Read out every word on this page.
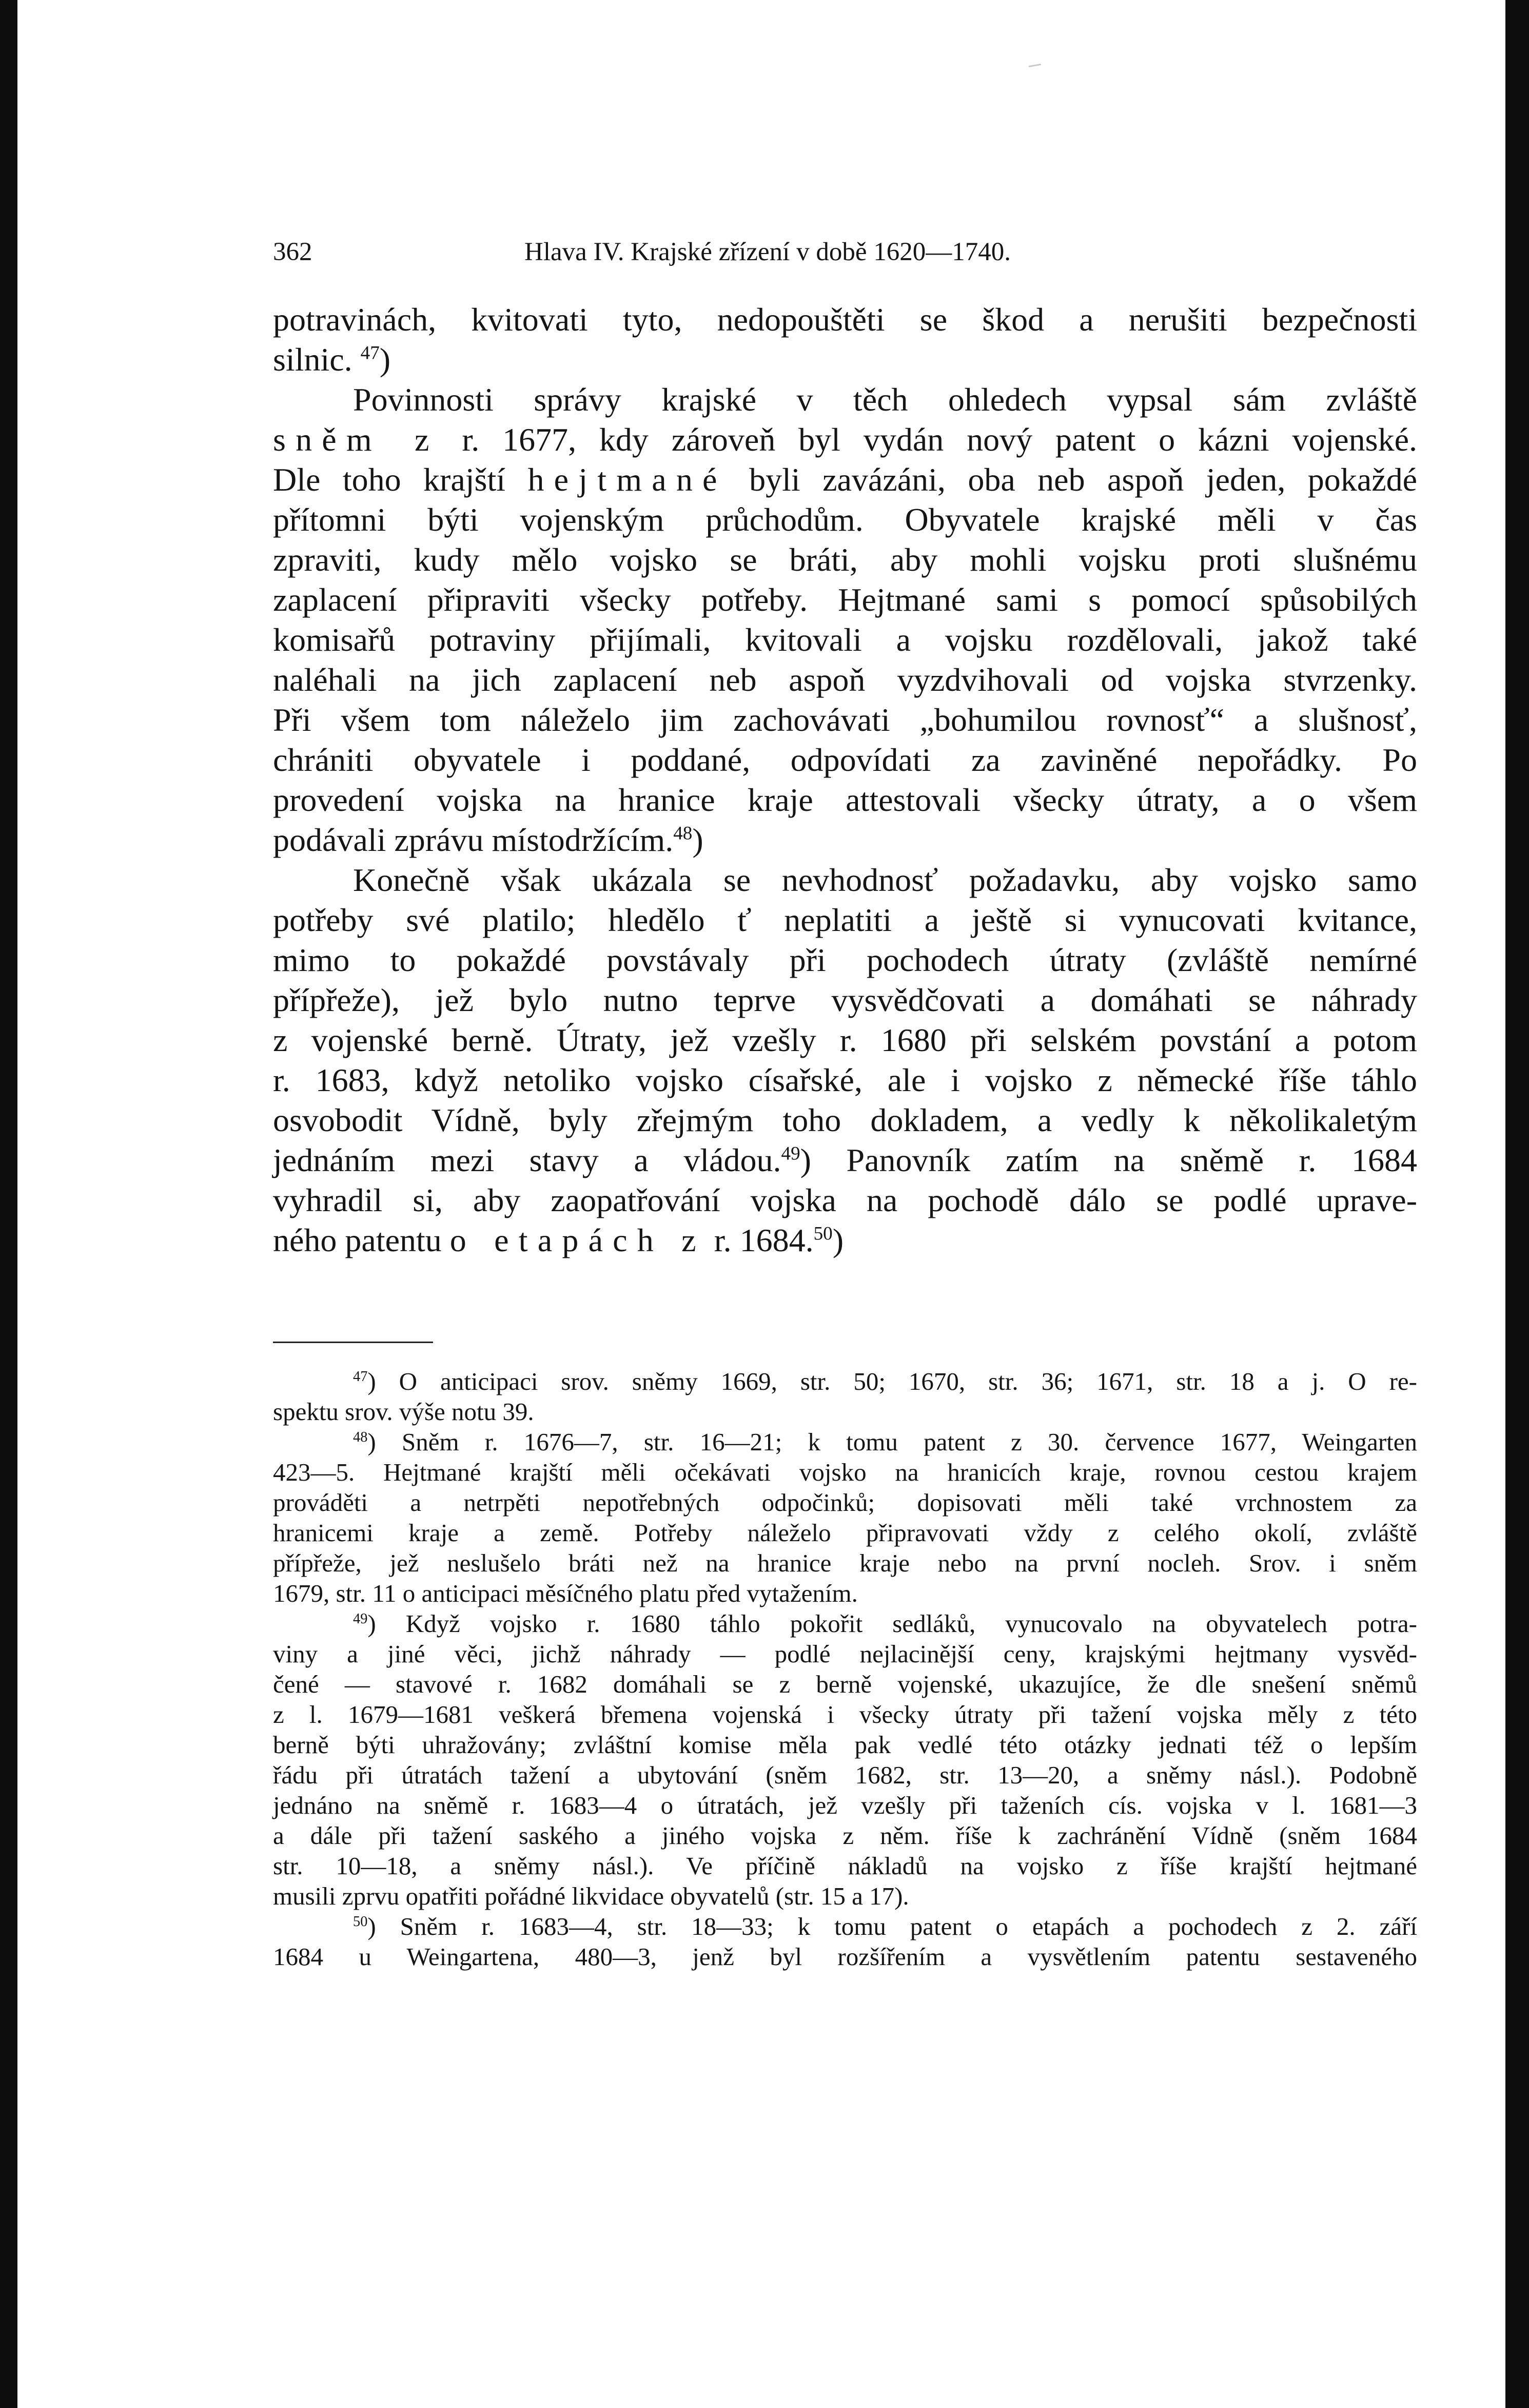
362	Hlava IV. Krajské zřízení v době 1620—1740.
potravinách, kvitovati tyto, nedopouštěti se škod a nerušiti bezpečnosti
silnic. $^{47}$)
Povinnosti správy krajské v těch ohledech vypsal sám zvláště
sněm z r. 1677, kdy zároveň byl vydán nový patent o kázni vojenské.
Dle toho krajští hejtmané byli zavázáni, oba neb aspoň jeden, pokaždé
přítomni býti vojenským průchodům. Obyvatele krajské měli v čas
zpraviti, kudy mělo vojsko se bráti, aby mohli vojsku proti slušnému
zaplacení připraviti všecky potřeby. Hejtmané sami s pomocí spůsobilých
komisařů potraviny přijímali, kvitovali a vojsku rozdělovali, jakož také
naléhali na jich zaplacení neb aspoň vyzdvihovali od vojska stvrzenky.
Při všem tom náleželo jim zachovávati „bohumilou rovnosť“ a slušnosť,
chrániti obyvatele i poddané, odpovídati za zaviněné nepořádky. Po
provedení vojska na hranice kraje attestovali všecky útraty, a o všem
podávali zprávu místodržícím.$^{48}$)
Konečně však ukázala se nevhodnosť požadavku, aby vojsko samo
potřeby své platilo; hledělo ť neplatiti a ještě si vynucovati kvitance,
mimo to pokaždé povstávaly při pochodech útraty (zvláště nemírné
přípřeže), jež bylo nutno teprve vysvědčovati a domáhati se náhrady
z vojenské berně. Útraty, jež vzešly r. 1680 při selském povstání a potom
r. 1683, když netoliko vojsko císařské, ale i vojsko z německé říše táhlo
osvobodit Vídně, byly zřejmým toho dokladem, a vedly k několikaletým
jednáním mezi stavy a vládou.$^{49}$) Panovník zatím na sněmě r. 1684
vyhradil si, aby zaopatřování vojska na pochodě dálo se podlé uprave-
ného patentu o etapách z r. 1684.50)
$^{47}$) O anticipaci srov. sněmy 1669, str. 50; 1670, str. 36; 1671, str. 18 a j. O re-
spektu srov. výše notu 39.
$^{48}$) Sněm r. 1676—7, str. 16—21; k tomu patent z 30. července 1677, Weingarten
423—5. Hejtmané krajští měli očekávati vojsko na hranicích kraje, rovnou cestou krajem
prováděti a netrpěti nepotřebných odpočinků; dopisovati měli také vrchnostem za
hranicemi kraje a země. Potřeby náleželo připravovati vždy z celého okolí, zvláště
přípřeže, jež neslušelo bráti než na hranice kraje nebo na první nocleh. Srov. i sněm
1679, str. 11 o anticipaci měsíčného platu před vytažením.
$^{49}$) Když vojsko r. 1680 táhlo pokořit sedláků, vynucovalo na obyvatelech potra-
viny a jiné věci, jichž náhrady — podlé nejlacinější ceny, krajskými hejtmany vysvěd-
čené — stavové r. 1682 domáhali se z berně vojenské, ukazujíce, že dle snešení sněmů
z l. 1679—1681 veškerá břemena vojenská i všecky útraty při tažení vojska měly z této
berně býti uhražovány; zvláštní komise měla pak vedlé této otázky jednati též o lepším
řádu při útratách tažení a ubytování (sněm 1682, str. 13—20, a sněmy násl.). Podobně
jednáno na sněmě r. 1683—4 o útratách, jež vzešly při taženích cís. vojska v l. 1681—3
a dále při tažení saského a jiného vojska z něm. říše k zachránění Vídně (sněm 1684
str. 10—18, a sněmy násl.). Ve příčině nákladů na vojsko z říše krajští hejtmané
musili zprvu opatřiti pořádné likvidace obyvatelů (str. 15 a 17).
$^{50}$) Sněm r. 1683—4, str. 18—33; k tomu patent o etapách a pochodech z 2. září
1684 u Weingartena, 480—3, jenž byl rozšířením a vysvětlením patentu sestaveného
